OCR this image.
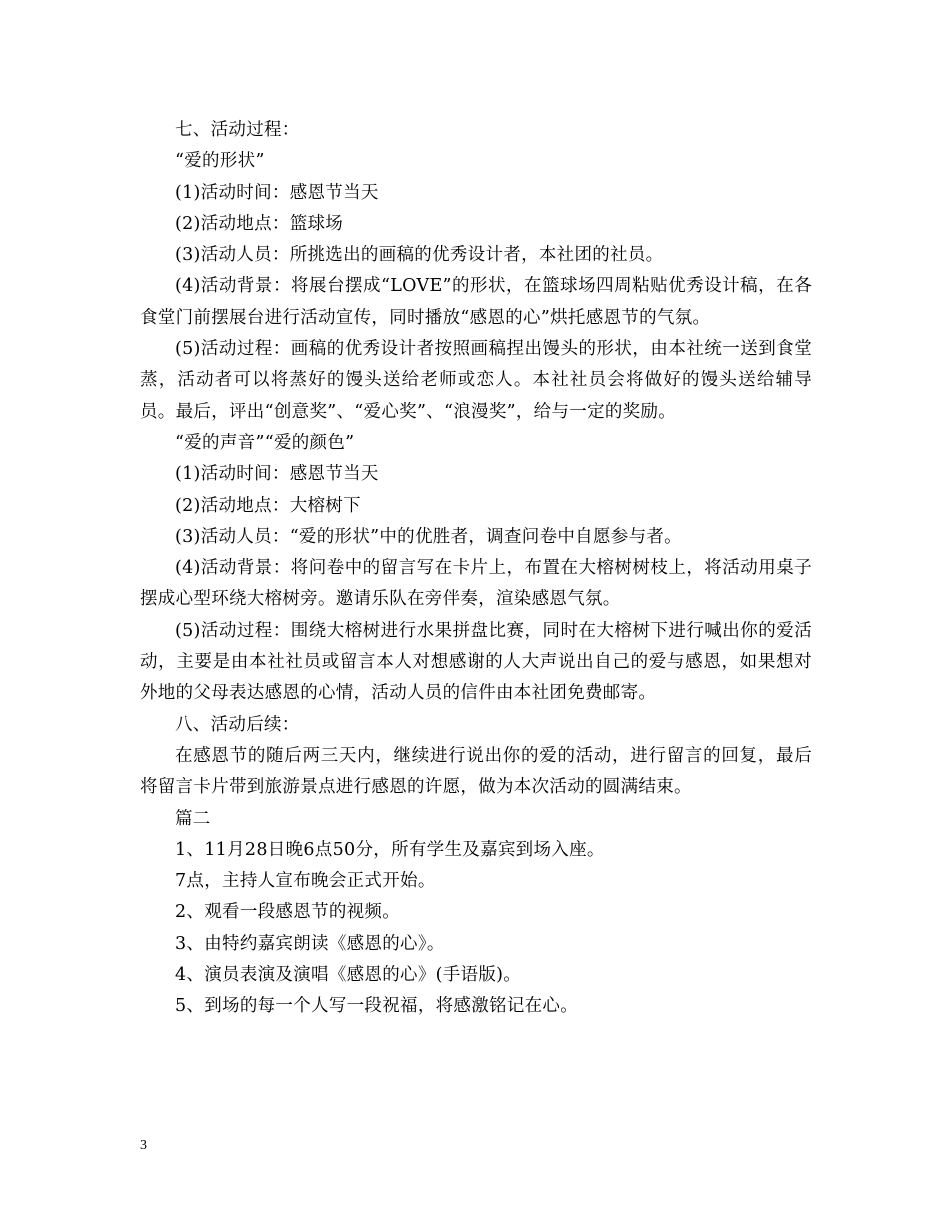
七、活动过程：

“爱的形状”

(1)活动时间：感恩节当天

(2)活动地点：篮球场

(3)活动人员：所挑选出的画稿的优秀设计者，本社团的社员。

(4)活动背景：将展台摆成“LOVE”的形状，在篮球场四周粘贴优秀设计稿，在各食堂门前摆展台进行活动宣传，同时播放“感恩的心”烘托感恩节的气氛。

(5)活动过程：画稿的优秀设计者按照画稿捏出馒头的形状，由本社统一送到食堂蒸，活动者可以将蒸好的馒头送给老师或恋人。本社社员会将做好的馒头送给辅导员。最后，评出“创意奖”、“爱心奖”、“浪漫奖”，给与一定的奖励。

“爱的声音”“爱的颜色”

(1)活动时间：感恩节当天

(2)活动地点：大榕树下

(3)活动人员：“爱的形状”中的优胜者，调查问卷中自愿参与者。

(4)活动背景：将问卷中的留言写在卡片上，布置在大榕树树枝上，将活动用桌子摆成心型环绕大榕树旁。邀请乐队在旁伴奏，渲染感恩气氛。

(5)活动过程：围绕大榕树进行水果拼盘比赛，同时在大榕树下进行喊出你的爱活动，主要是由本社社员或留言本人对想感谢的人大声说出自己的爱与感恩，如果想对外地的父母表达感恩的心情，活动人员的信件由本社团免费邮寄。

八、活动后续：

在感恩节的随后两三天内，继续进行说出你的爱的活动，进行留言的回复，最后将留言卡片带到旅游景点进行感恩的许愿，做为本次活动的圆满结束。

篇二

1、11月28日晚6点50分，所有学生及嘉宾到场入座。

7点，主持人宣布晚会正式开始。

2、观看一段感恩节的视频。

3、由特约嘉宾朗读《感恩的心》。

4、演员表演及演唱《感恩的心》(手语版)。

5、到场的每一个人写一段祝福，将感激铭记在心。

3
